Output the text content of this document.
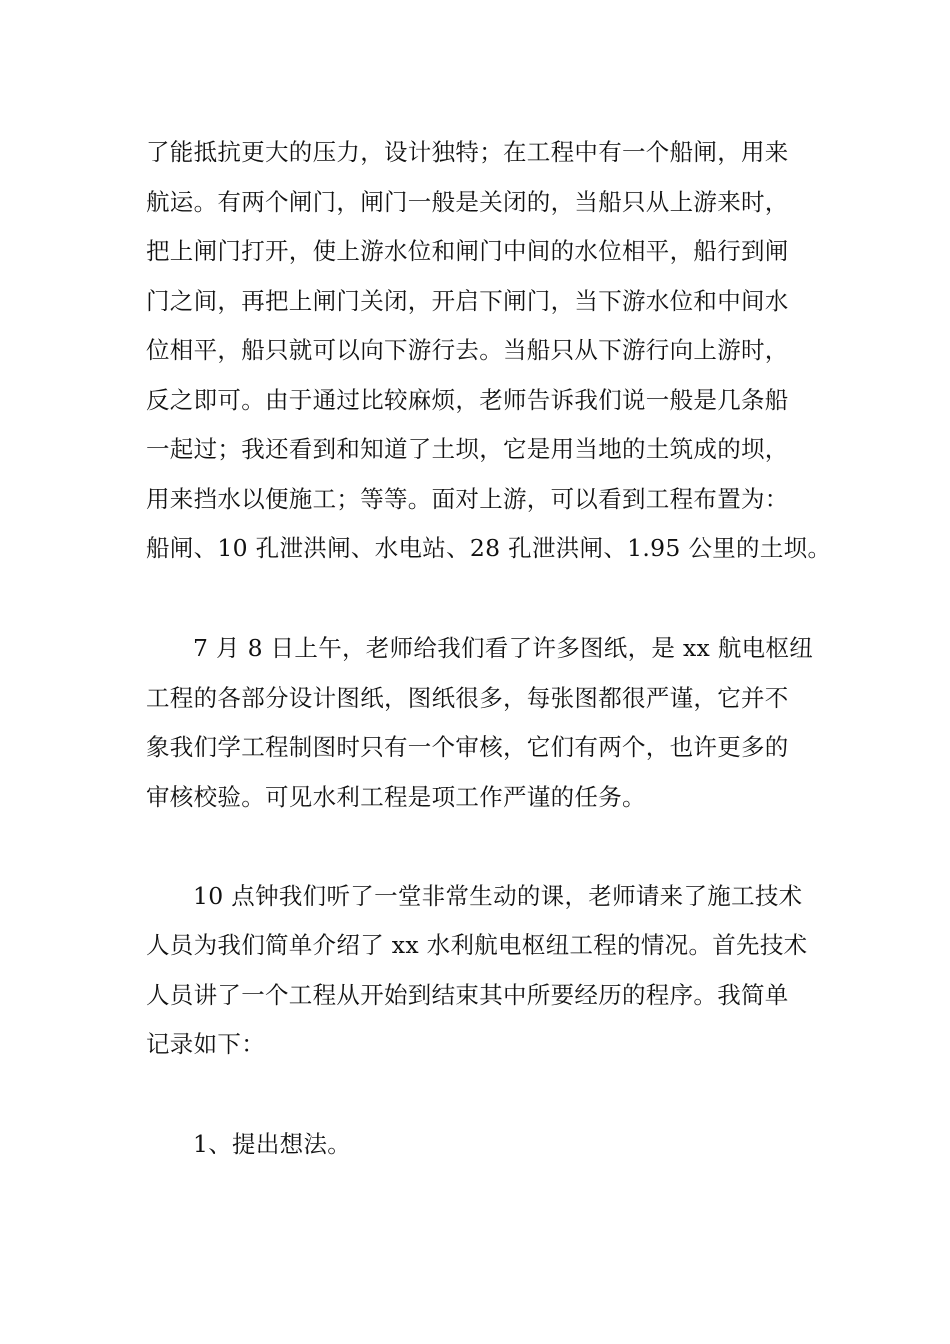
了能抵抗更大的压力，设计独特；在工程中有一个船闸，用来
航运。有两个闸门，闸门一般是关闭的，当船只从上游来时，
把上闸门打开，使上游水位和闸门中间的水位相平，船行到闸
门之间，再把上闸门关闭，开启下闸门，当下游水位和中间水
位相平，船只就可以向下游行去。当船只从下游行向上游时，
反之即可。由于通过比较麻烦，老师告诉我们说一般是几条船
一起过；我还看到和知道了土坝，它是用当地的土筑成的坝，
用来挡水以便施工；等等。面对上游，可以看到工程布置为：
船闸、10 孔泄洪闸、水电站、28 孔泄洪闸、1.95 公里的土坝。
7 月 8 日上午，老师给我们看了许多图纸，是 xx 航电枢纽
工程的各部分设计图纸，图纸很多，每张图都很严谨，它并不
象我们学工程制图时只有一个审核，它们有两个，也许更多的
审核校验。可见水利工程是项工作严谨的任务。
10 点钟我们听了一堂非常生动的课，老师请来了施工技术
人员为我们简单介绍了 xx 水利航电枢纽工程的情况。首先技术
人员讲了一个工程从开始到结束其中所要经历的程序。我简单
记录如下：
1、提出想法。
